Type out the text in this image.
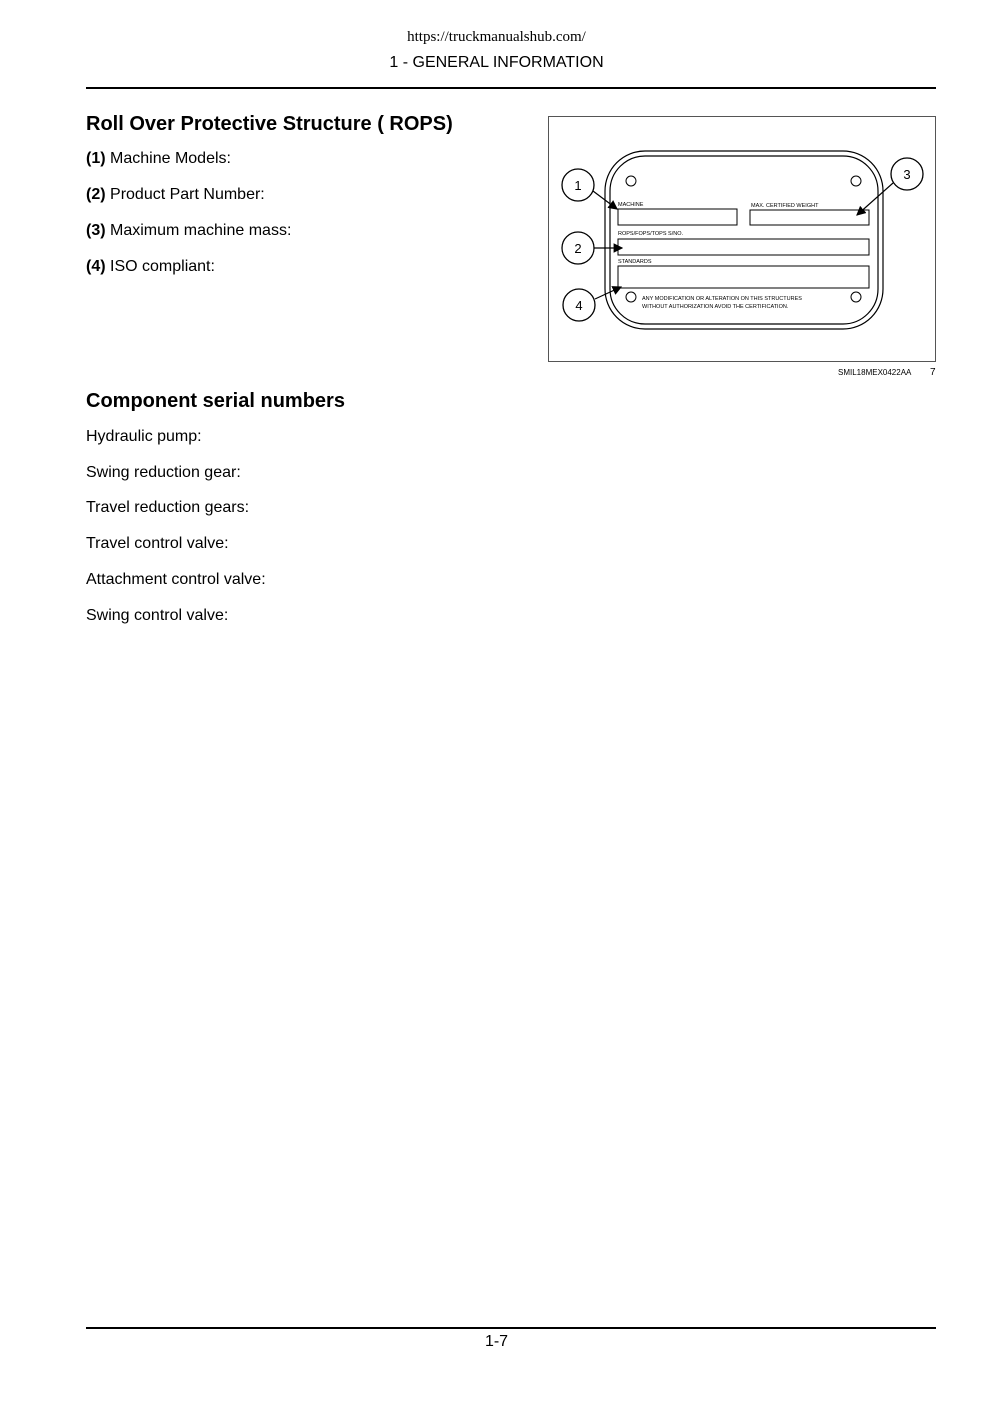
https://truckmanualshub.com/
1 - GENERAL INFORMATION
Roll Over Protective Structure ( ROPS)

(1) Machine Models:

(2) Product Part Number:

(3) Maximum machine mass:

(4) ISO compliant:

MACHINE	MAX. CERTIFIED WEIGHT
ROPS/FOPS/TOPS S/NO.
STANDARDS
ANY MODIFICATION OR ALTERATION ON THIS STRUCTURES
WITHOUT AUTHORIZATION AVOID THE CERTIFICATION.
1
2
3
4
SMIL18MEX0422AA 7
Component serial numbers

Hydraulic pump:

Swing reduction gear:

Travel reduction gears:

Travel control valve:

Attachment control valve:

Swing control valve:

1-7
